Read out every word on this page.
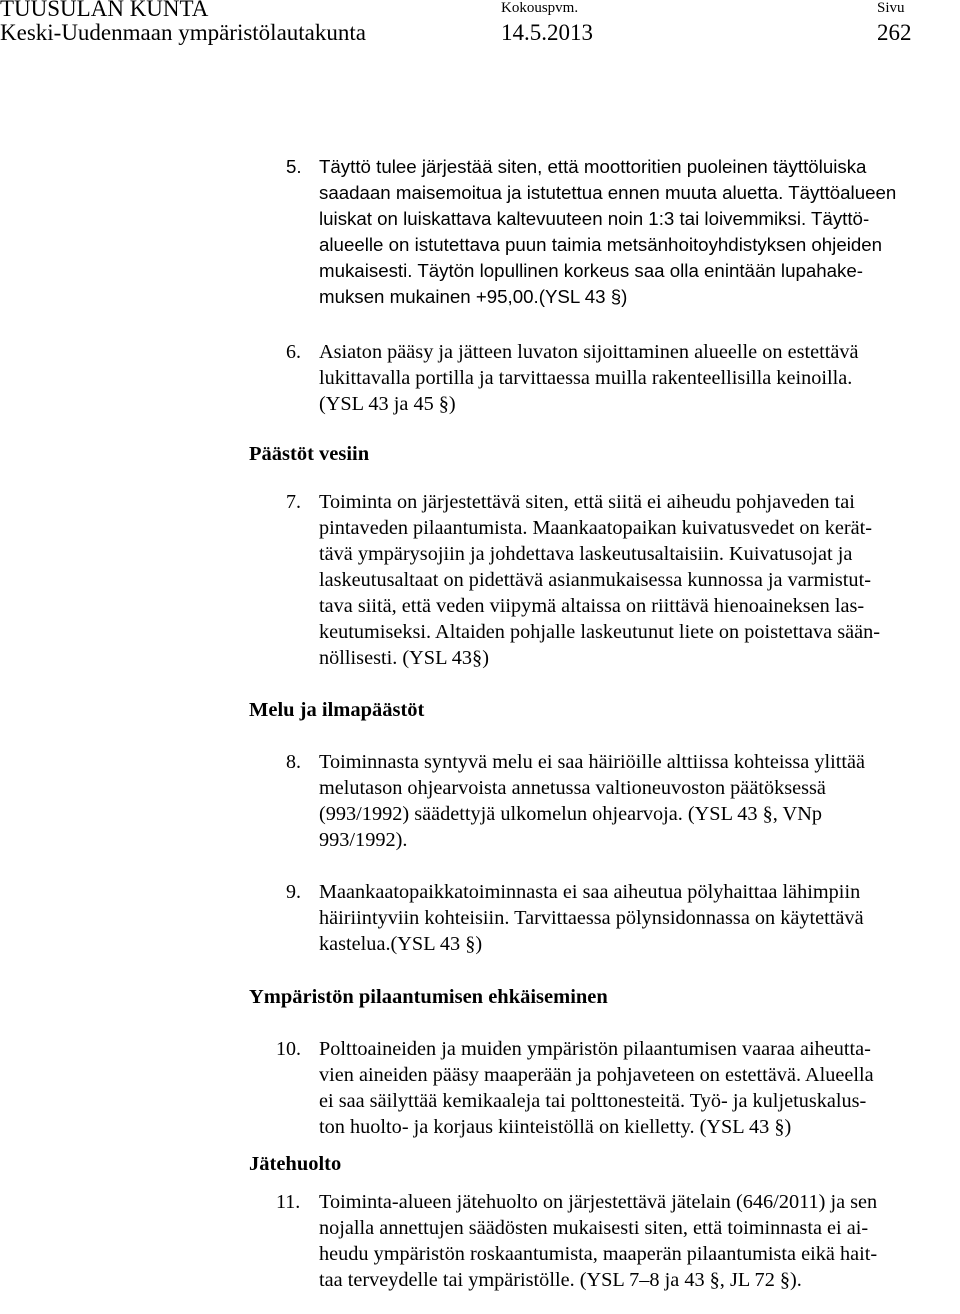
TUUSULAN KUNTA
Keski-Uudenmaan ympäristölautakunta
Kokouspvm.
14.5.2013
Sivu
262
5. Täyttö tulee järjestää siten, että moottoritien puoleinen täyttöluiska
saadaan maisemoitua ja istutettua ennen muuta aluetta. Täyttöalueen
luiskat on luiskattava kaltevuuteen noin 1:3 tai loivemmiksi. Täyttö-
alueelle on istutettava puun taimia metsänhoitoyhdistyksen ohjeiden
mukaisesti. Täytön lopullinen korkeus saa olla enintään lupahake-
muksen mukainen +95,00.(YSL 43 §)
6. Asiaton pääsy ja jätteen luvaton sijoittaminen alueelle on estettävä
lukittavalla portilla ja tarvittaessa muilla rakenteellisilla keinoilla.
(YSL 43 ja 45 §)
Päästöt vesiin
7. Toiminta on järjestettävä siten, että siitä ei aiheudu pohjaveden tai
pintaveden pilaantumista. Maankaatopaikan kuivatusvedet on kerät-
tävä ympärysojiin ja johdettava laskeutusaltaisiin. Kuivatusojat ja
laskeutusaltaat on pidettävä asianmukaisessa kunnossa ja varmistut-
tava siitä, että veden viipymä altaissa on riittävä hienoaineksen las-
keutumiseksi. Altaiden pohjalle laskeutunut liete on poistettava sään-
nöllisesti. (YSL 43§)
Melu ja ilmapäästöt
8. Toiminnasta syntyvä melu ei saa häiriöille alttiissa kohteissa ylittää
melutason ohjearvoista annetussa valtioneuvoston päätöksessä
(993/1992) säädettyjä ulkomelun ohjearvoja. (YSL 43 §, VNp
993/1992).
9. Maankaatopaikkatoiminnasta ei saa aiheutua pölyhaittaa lähimpiin
häiriintyviin kohteisiin. Tarvittaessa pölynsidonnassa on käytettävä
kastelua.(YSL 43 §)
Ympäristön pilaantumisen ehkäiseminen
10. Polttoaineiden ja muiden ympäristön pilaantumisen vaaraa aiheutta-
vien aineiden pääsy maaperään ja pohjaveteen on estettävä. Alueella
ei saa säilyttää kemikaaleja tai polttonesteitä. Työ- ja kuljetuskalus-
ton huolto- ja korjaus kiinteistöllä on kielletty. (YSL 43 §)
Jätehuolto
11. Toiminta-alueen jätehuolto on järjestettävä jätelain (646/2011) ja sen
nojalla annettujen säädösten mukaisesti siten, että toiminnasta ei ai-
heudu ympäristön roskaantumista, maaperän pilaantumista eikä hait-
taa terveydelle tai ympäristölle. (YSL 7–8 ja 43 §, JL 72 §).
